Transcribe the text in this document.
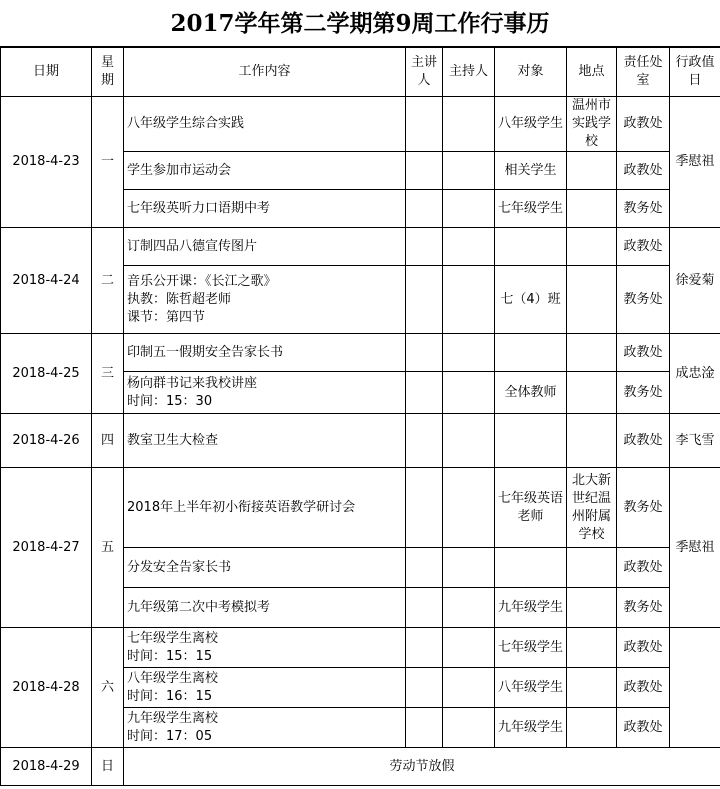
2017学年第二学期第9周工作行事历
日期	星期	工作内容	主讲人	主持人	对象	地点	责任处室	行政值日
2018-4-23	一	八年级学生综合实践			八年级学生	温州市实践学校	政教处	季慰祖

		学生参加市运动会			相关学生		政教处	

		七年级英听力口语期中考			七年级学生		教务处	
2018-4-24	二	订制四品八德宣传图片					政教处	徐爱菊

		音乐公开课：《长江之歌》
执教：陈哲超老师
课节：第四节			七（4）班		教务处	
2018-4-25	三	印制五一假期安全告家长书					政教处	成忠淦

		杨向群书记来我校讲座
时间：15：30			全体教师		教务处	
2018-4-26	四	教室卫生大检查					政教处	李飞雪
2018-4-27	五	2018年上半年初小衔接英语教学研讨会			七年级英语老师	北大新世纪温州附属学校	教务处	季慰祖

		分发安全告家长书					政教处	

		九年级第二次中考模拟考			九年级学生		教务处	
2018-4-28	六	七年级学生离校
时间：15：15			七年级学生		政教处	

		八年级学生离校
时间：16：15			八年级学生		政教处	

		九年级学生离校
时间：17：05			九年级学生		政教处	
2018-4-29	日	劳动节放假						
